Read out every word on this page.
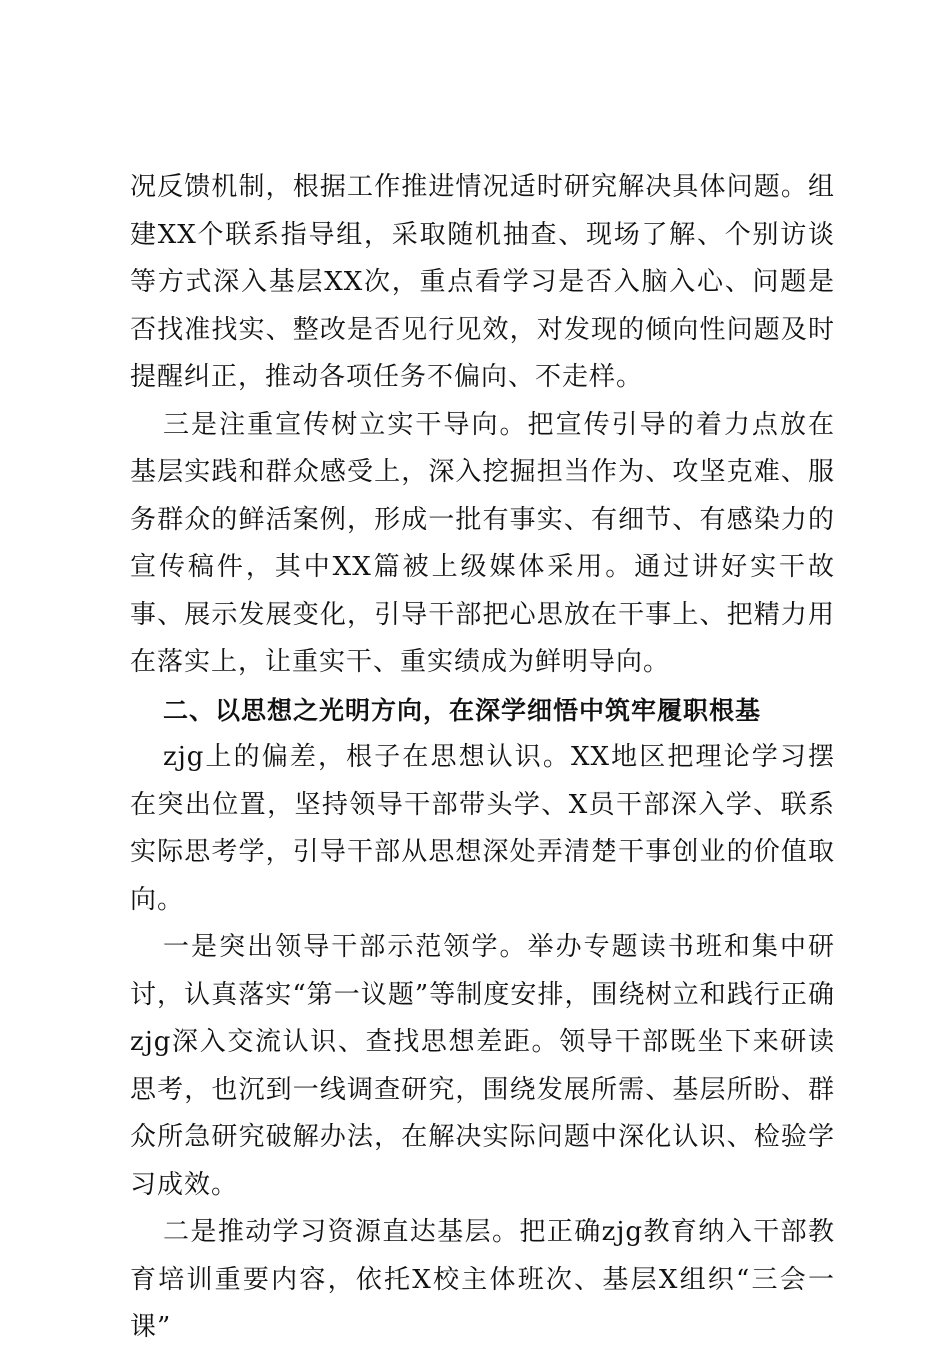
况反馈机制，根据工作推进情况适时研究解决具体问题。组建XX个联系指导组，采取随机抽查、现场了解、个别访谈等方式深入基层XX次，重点看学习是否入脑入心、问题是否找准找实、整改是否见行见效，对发现的倾向性问题及时提醒纠正，推动各项任务不偏向、不走样。

三是注重宣传树立实干导向。把宣传引导的着力点放在基层实践和群众感受上，深入挖掘担当作为、攻坚克难、服务群众的鲜活案例，形成一批有事实、有细节、有感染力的宣传稿件，其中XX篇被上级媒体采用。通过讲好实干故事、展示发展变化，引导干部把心思放在干事上、把精力用在落实上，让重实干、重实绩成为鲜明导向。

二、以思想之光明方向，在深学细悟中筑牢履职根基

zjg上的偏差，根子在思想认识。XX地区把理论学习摆在突出位置，坚持领导干部带头学、X员干部深入学、联系实际思考学，引导干部从思想深处弄清楚干事创业的价值取向。

一是突出领导干部示范领学。举办专题读书班和集中研讨，认真落实“第一议题”等制度安排，围绕树立和践行正确zjg深入交流认识、查找思想差距。领导干部既坐下来研读思考，也沉到一线调查研究，围绕发展所需、基层所盼、群众所急研究破解办法，在解决实际问题中深化认识、检验学习成效。

二是推动学习资源直达基层。把正确zjg教育纳入干部教育培训重要内容，依托X校主体班次、基层X组织“三会一课”
